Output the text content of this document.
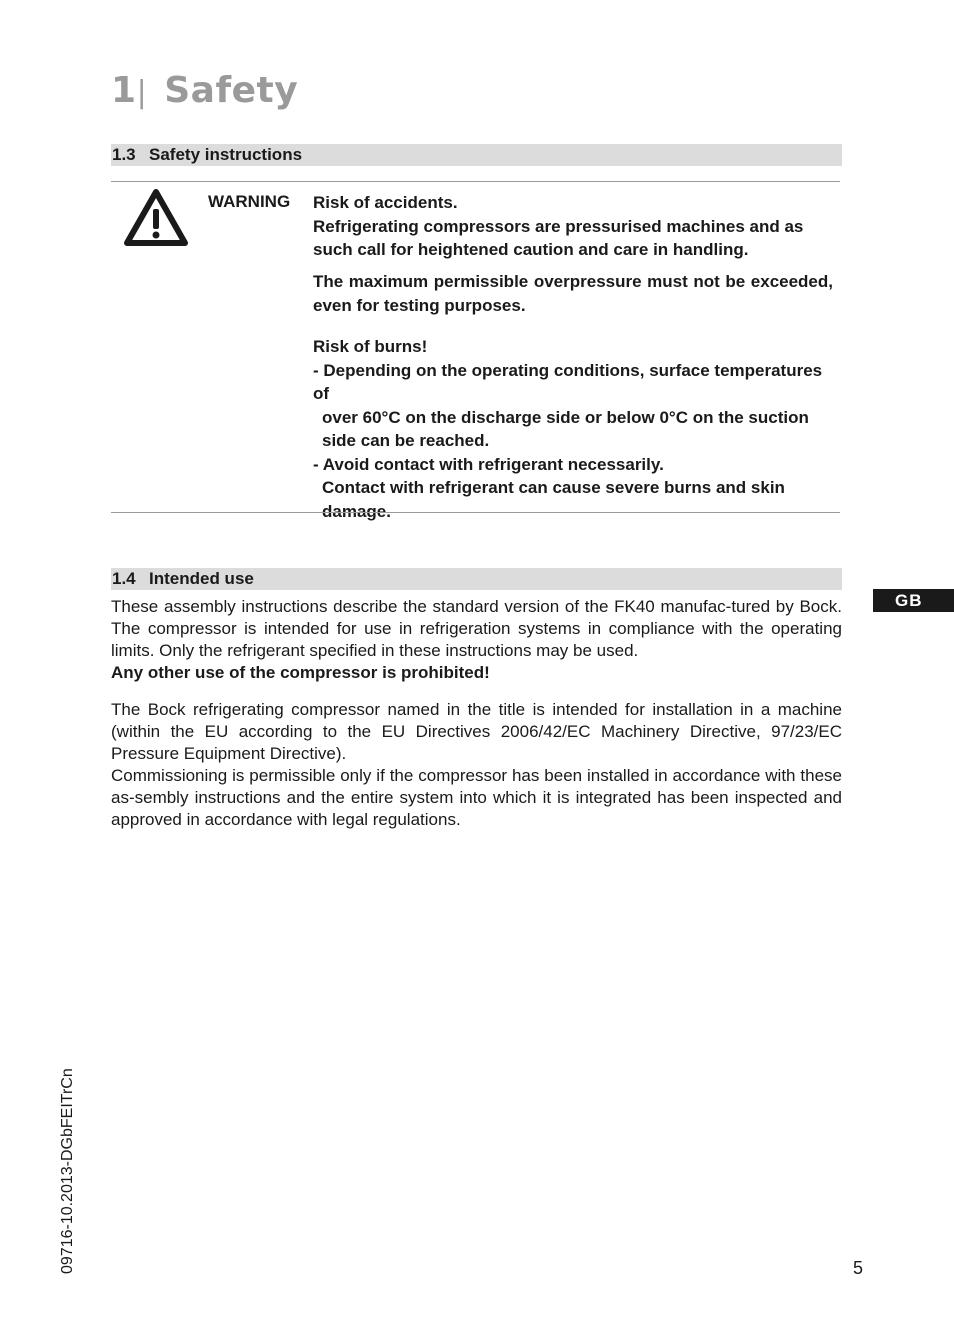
1| Safety
1.3 Safety instructions
WARNING Risk of accidents.

Refrigerating compressors are pressurised machines and as such call for heightened caution and care in handling.

The maximum permissible overpressure must not be exceeded, even for testing purposes.

Risk of burns!

- Depending on the operating conditions, surface temperatures of

over 60°C on the discharge side or below 0°C on the suction side can be reached.

- Avoid contact with refrigerant necessarily.

Contact with refrigerant can cause severe burns and skin damage.

1.4 Intended use

These assembly instructions describe the standard version of the FK40 manufac-tured by Bock. The compressor is intended for use in refrigeration systems in compliance with the operating limits. Only the refrigerant specified in these instructions may be used.

Any other use of the compressor is prohibited!

The Bock refrigerating compressor named in the title is intended for installation in a machine (within the EU according to the EU Directives 2006/42/EC Machinery Directive, 97/23/EC Pressure Equipment Directive).

Commissioning is permissible only if the compressor has been installed in accordance with these as-sembly instructions and the entire system into which it is integrated has been inspected and approved in accordance with legal regulations.

GB
09716-10.2013-DGbFEITrCn	5
